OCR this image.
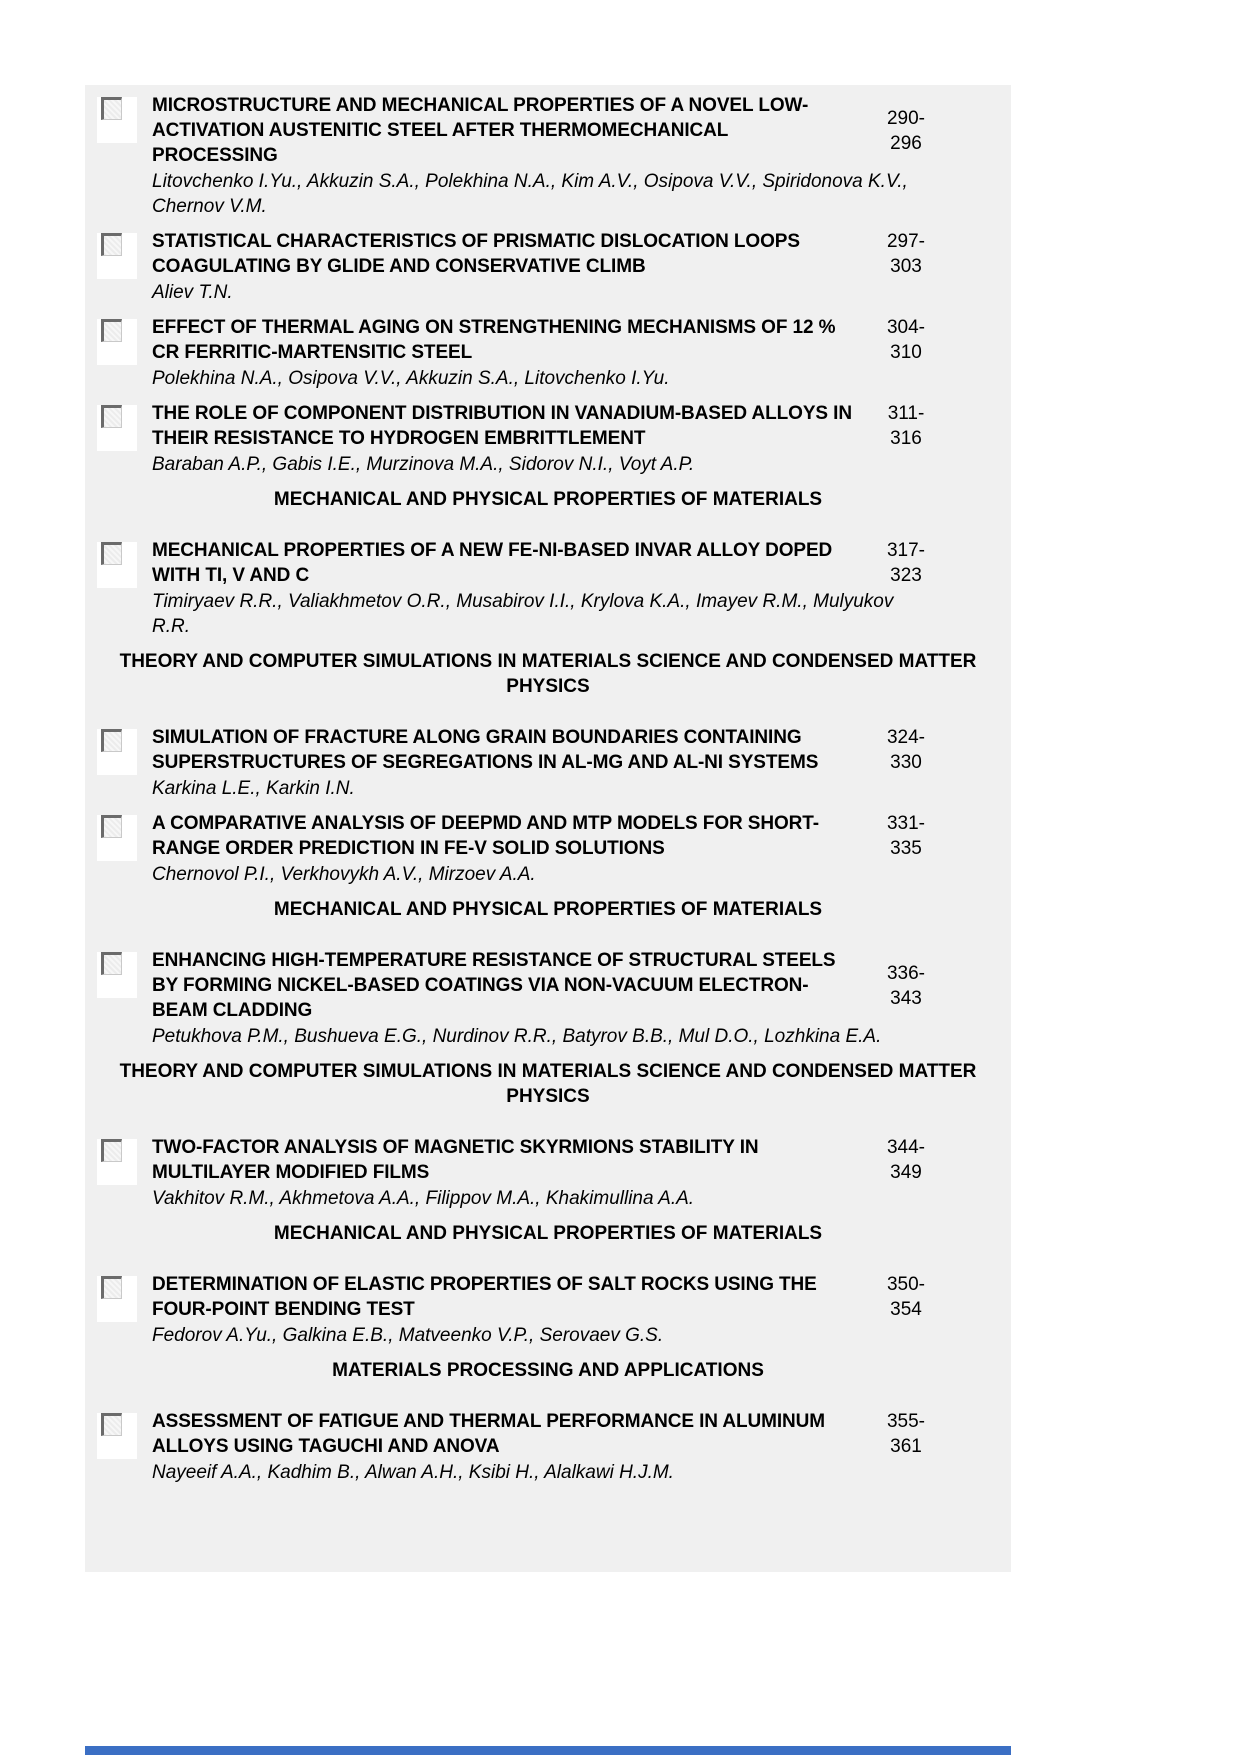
MICROSTRUCTURE AND MECHANICAL PROPERTIES OF A NOVEL LOW-ACTIVATION AUSTENITIC STEEL AFTER THERMOMECHANICAL PROCESSING
290-
296
Litovchenko I.Yu., Akkuzin S.A., Polekhina N.A., Kim A.V., Osipova V.V., Spiridonova K.V., Chernov V.M.
STATISTICAL CHARACTERISTICS OF PRISMATIC DISLOCATION LOOPS COAGULATING BY GLIDE AND CONSERVATIVE CLIMB
297-
303
Aliev T.N.
EFFECT OF THERMAL AGING ON STRENGTHENING MECHANISMS OF 12 % CR FERRITIC-MARTENSITIC STEEL
304-
310
Polekhina N.A., Osipova V.V., Akkuzin S.A., Litovchenko I.Yu.
THE ROLE OF COMPONENT DISTRIBUTION IN VANADIUM-BASED ALLOYS IN THEIR RESISTANCE TO HYDROGEN EMBRITTLEMENT
311-
316
Baraban A.P., Gabis I.E., Murzinova M.A., Sidorov N.I., Voyt A.P.
MECHANICAL AND PHYSICAL PROPERTIES OF MATERIALS
MECHANICAL PROPERTIES OF A NEW FE-NI-BASED INVAR ALLOY DOPED WITH TI, V AND C
317-
323
Timiryaev R.R., Valiakhmetov O.R., Musabirov I.I., Krylova K.A., Imayev R.M., Mulyukov R.R.
THEORY AND COMPUTER SIMULATIONS IN MATERIALS SCIENCE AND CONDENSED MATTER PHYSICS
SIMULATION OF FRACTURE ALONG GRAIN BOUNDARIES CONTAINING SUPERSTRUCTURES OF SEGREGATIONS IN AL-MG AND AL-NI SYSTEMS
324-
330
Karkina L.E., Karkin I.N.
A COMPARATIVE ANALYSIS OF DEEPMD AND MTP MODELS FOR SHORT-RANGE ORDER PREDICTION IN FE-V SOLID SOLUTIONS
331-
335
Chernovol P.I., Verkhovykh A.V., Mirzoev A.A.
MECHANICAL AND PHYSICAL PROPERTIES OF MATERIALS
ENHANCING HIGH-TEMPERATURE RESISTANCE OF STRUCTURAL STEELS BY FORMING NICKEL-BASED COATINGS VIA NON-VACUUM ELECTRON-BEAM CLADDING
336-
343
Petukhova P.M., Bushueva E.G., Nurdinov R.R., Batyrov B.B., Mul D.O., Lozhkina E.A.
THEORY AND COMPUTER SIMULATIONS IN MATERIALS SCIENCE AND CONDENSED MATTER PHYSICS
TWO-FACTOR ANALYSIS OF MAGNETIC SKYRMIONS STABILITY IN MULTILAYER MODIFIED FILMS
344-
349
Vakhitov R.M., Akhmetova A.A., Filippov M.A., Khakimullina A.A.
MECHANICAL AND PHYSICAL PROPERTIES OF MATERIALS
DETERMINATION OF ELASTIC PROPERTIES OF SALT ROCKS USING THE FOUR-POINT BENDING TEST
350-
354
Fedorov A.Yu., Galkina E.B., Matveenko V.P., Serovaev G.S.
MATERIALS PROCESSING AND APPLICATIONS
ASSESSMENT OF FATIGUE AND THERMAL PERFORMANCE IN ALUMINUM ALLOYS USING TAGUCHI AND ANOVA
355-
361
Nayeeif A.A., Kadhim B., Alwan A.H., Ksibi H., Alalkawi H.J.M.
